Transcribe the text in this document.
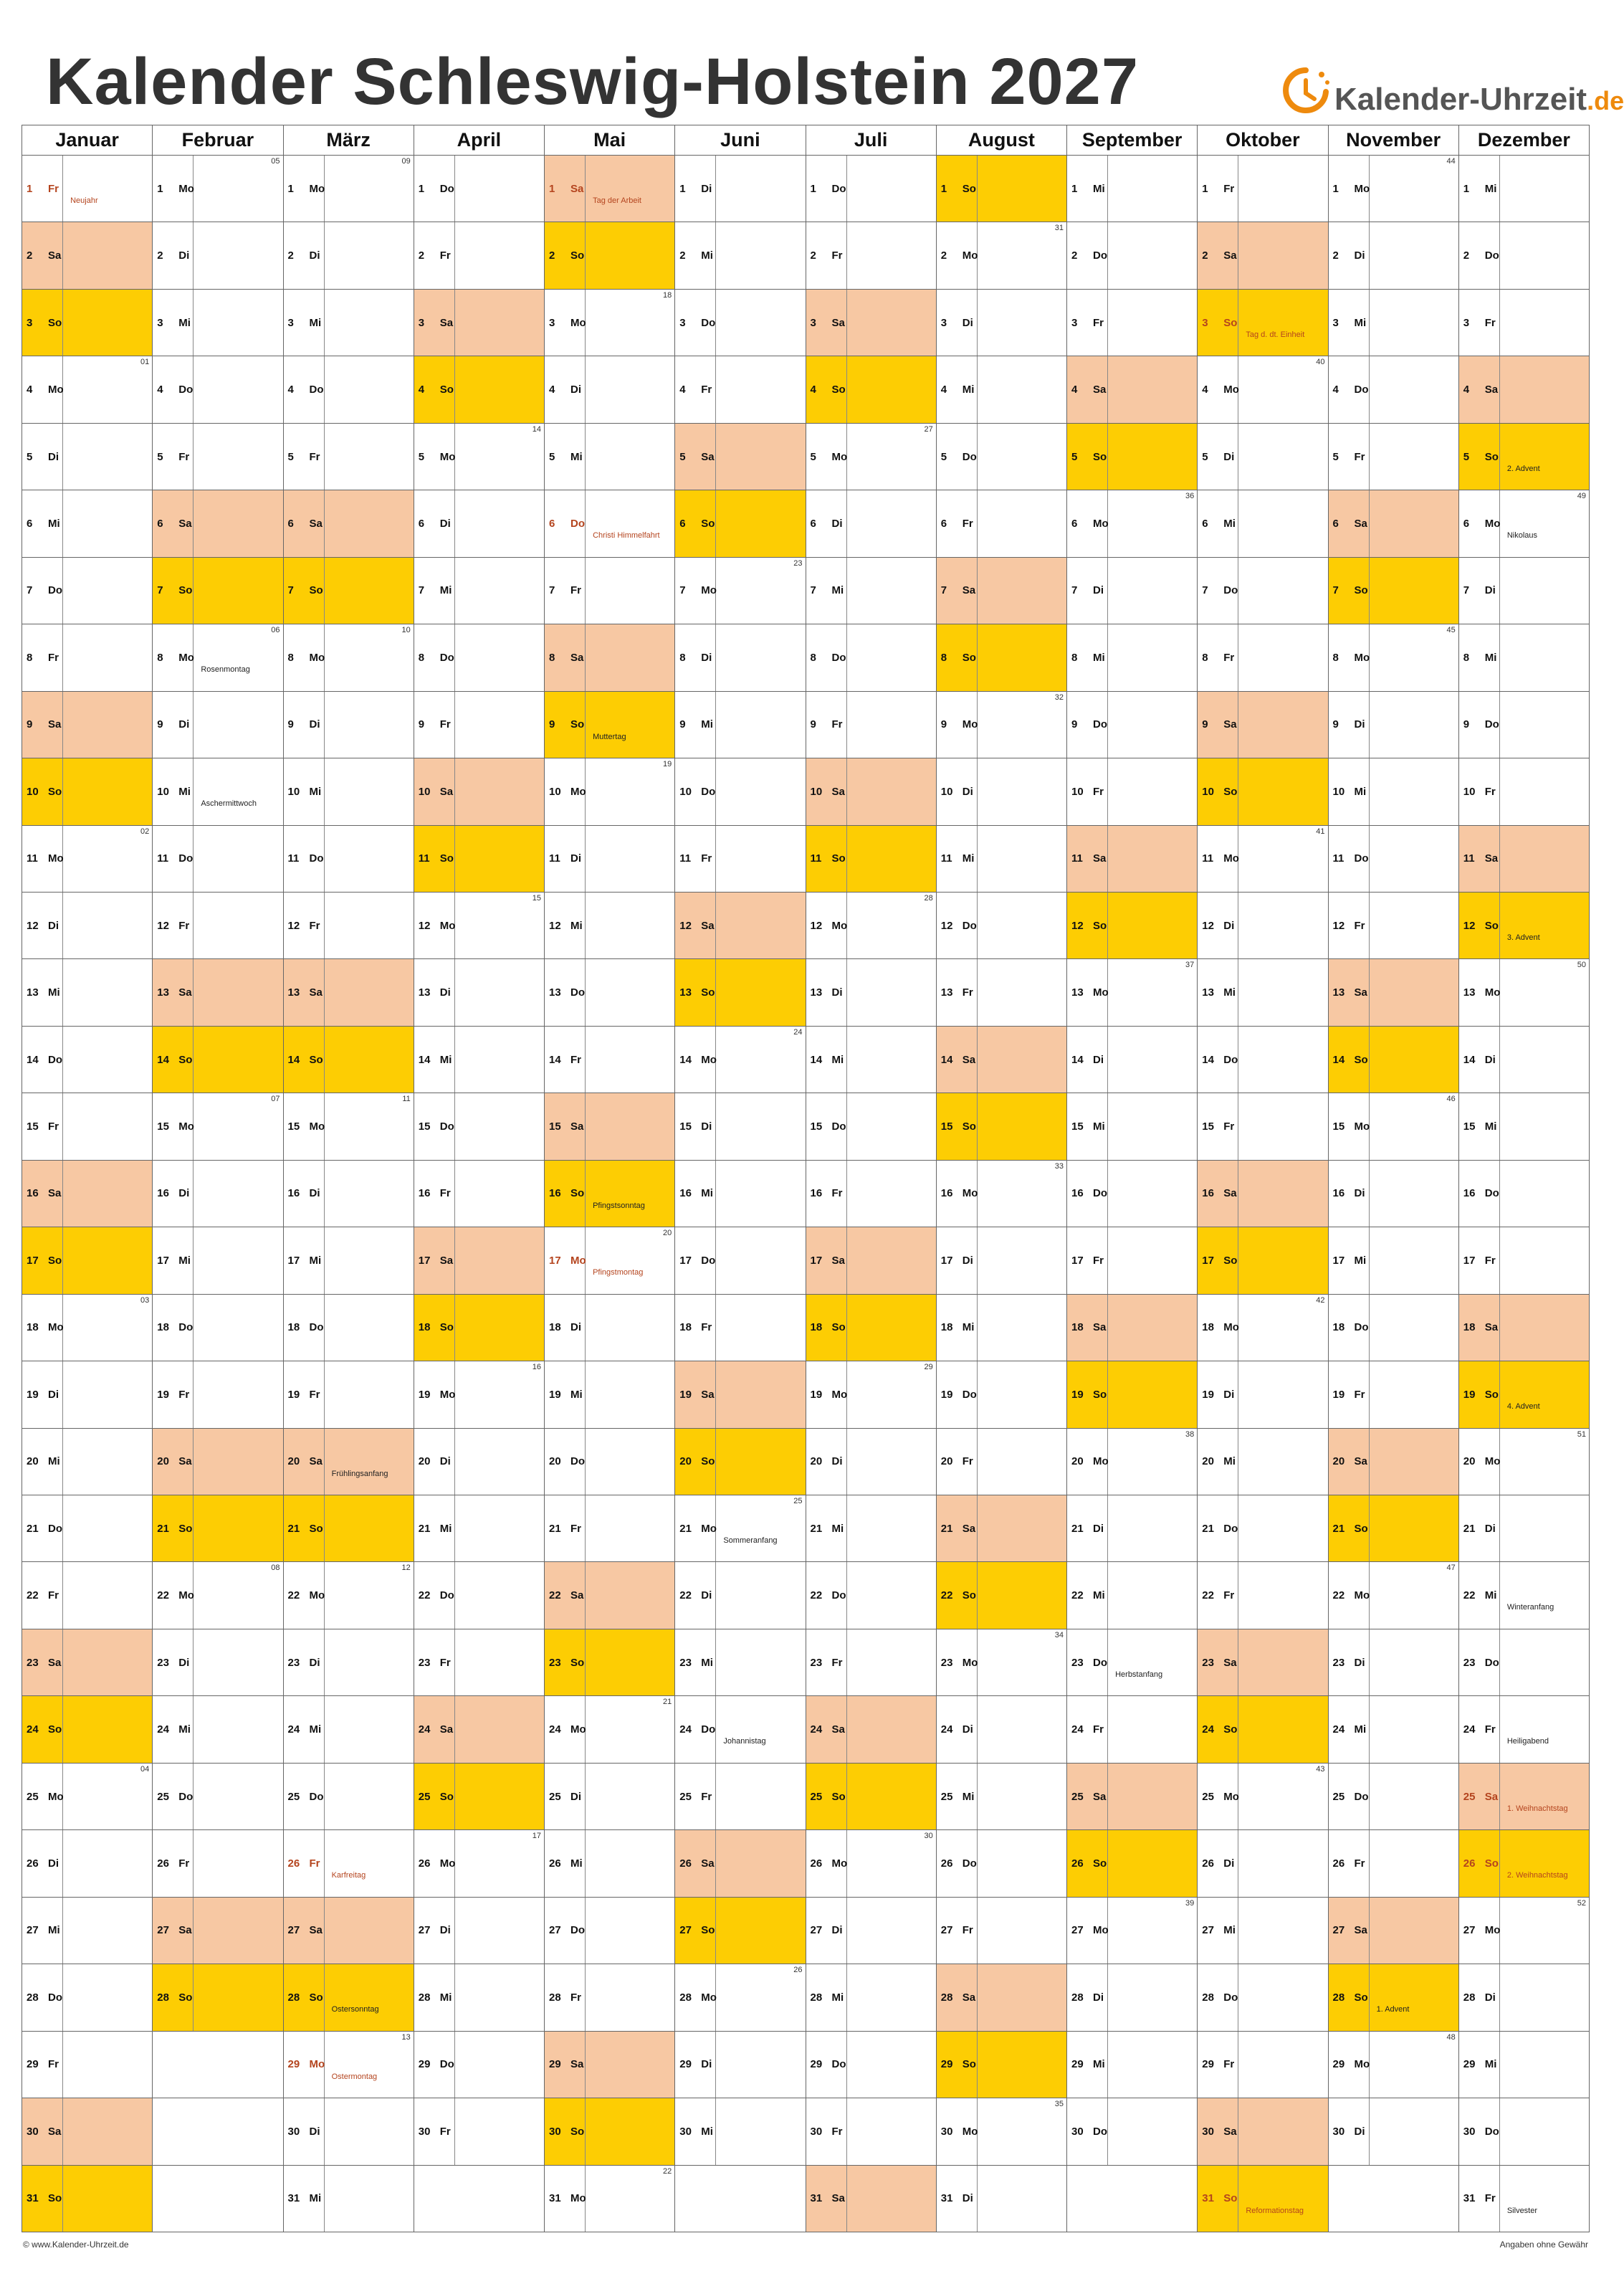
Kalender Schleswig-Holstein 2027	Kalender-Uhrzeit.de
Januar
1	Fr
Neujahr
2	Sa
3	So
4	Mo
01
5	Di
6	Mi
7	Do
8	Fr
9	Sa
10 So
11 Mo
02
12 Di
13 Mi
14 Do
15 Fr
16 Sa
17 So
18 Mo
03
19 Di
20 Mi
21 Do
22 Fr
23 Sa
24 So
25 Mo
04
26 Di
27 Mi
28 Do
29 Fr
30 Sa
31 So
Februar
1	Mo
05
2	Di
3	Mi
4	Do
5	Fr
6	Sa
7	So
8	Mo
06
Rosenmontag
9	Di
10 Mi
Aschermittwoch
11 Do
12 Fr
13 Sa
14 So
15 Mo
07
16 Di
17 Mi
18 Do
19 Fr
20 Sa
21 So
22 Mo
08
23 Di
24 Mi
25 Do
26 Fr
27 Sa
28 So
März
1	Mo
09
2	Di
3	Mi
4	Do
5	Fr
6	Sa
7	So
8	Mo
10
9	Di
10 Mi
11 Do
12 Fr
13 Sa
14 So
15 Mo
11
16 Di
17 Mi
18 Do
19 Fr
20 Sa
Frühlingsanfang
21 So
22 Mo
12
23 Di
24 Mi
25 Do
26 Fr
Karfreitag
27 Sa
28 So
Ostersonntag
29 Mo
13
Ostermontag
30 Di
31 Mi
April
1	Do
2	Fr
3	Sa
4	So
5	Mo
14
6	Di
7	Mi
8	Do
9	Fr
10 Sa
11 So
12 Mo
15
13 Di
14 Mi
15 Do
16 Fr
17 Sa
18 So
19 Mo
16
20 Di
21 Mi
22 Do
23 Fr
24 Sa
25 So
26 Mo
17
27 Di
28 Mi
29 Do
30 Fr
Mai
1	Sa
Tag der Arbeit
2	So
3	Mo
18
4	Di
5	Mi
6	Do
Christi Himmelfahrt
7	Fr
8	Sa
9	So
Muttertag
10 Mo
19
11 Di
12 Mi
13 Do
14 Fr
15 Sa
16 So
Pfingstsonntag
17 Mo
20
Pfingstmontag
18 Di
19 Mi
20 Do
21 Fr
22 Sa
23 So
24 Mo
21
25 Di
26 Mi
27 Do
28 Fr
29 Sa
30 So
31 Mo
22
Juni
1	Di
2	Mi
3	Do
4	Fr
5	Sa
6	So
7	Mo
23
8	Di
9	Mi
10 Do
11 Fr
12 Sa
13 So
14 Mo
24
15 Di
16 Mi
17 Do
18 Fr
19 Sa
20 So
21 Mo
25
Sommeranfang
22 Di
23 Mi
24 Do
Johannistag
25 Fr
26 Sa
27 So
28 Mo
26
29 Di
30 Mi
Juli
1	Do
2	Fr
3	Sa
4	So
5	Mo
27
6	Di
7	Mi
8	Do
9	Fr
10 Sa
11 So
12 Mo
28
13 Di
14 Mi
15 Do
16 Fr
17 Sa
18 So
19 Mo
29
20 Di
21 Mi
22 Do
23 Fr
24 Sa
25 So
26 Mo
30
27 Di
28 Mi
29 Do
30 Fr
31 Sa
August
1	So
2	Mo
31
3	Di
4	Mi
5	Do
6	Fr
7	Sa
8	So
9	Mo
32
10 Di
11 Mi
12 Do
13 Fr
14 Sa
15 So
16 Mo
33
17 Di
18 Mi
19 Do
20 Fr
21 Sa
22 So
23 Mo
34
24 Di
25 Mi
26 Do
27 Fr
28 Sa
29 So
30 Mo
35
31 Di
September
1	Mi
2	Do
3	Fr
4	Sa
5	So
6	Mo
36
7	Di
8	Mi
9	Do
10 Fr
11 Sa
12 So
13 Mo
37
14 Di
15 Mi
16 Do
17 Fr
18 Sa
19 So
20 Mo
38
21 Di
22 Mi
23 Do
Herbstanfang
24 Fr
25 Sa
26 So
27 Mo
39
28 Di
29 Mi
30 Do
Oktober
1	Fr
2	Sa
3	So
Tag d. dt. Einheit
4	Mo
40
5	Di
6	Mi
7	Do
8	Fr
9	Sa
10 So
11 Mo
41
12 Di
13 Mi
14 Do
15 Fr
16 Sa
17 So
18 Mo
42
19 Di
20 Mi
21 Do
22 Fr
23 Sa
24 So
25 Mo
43
26 Di
27 Mi
28 Do
29 Fr
30 Sa
31 So
Reformationstag
November
1	Mo
44
2	Di
3	Mi
4	Do
5	Fr
6	Sa
7	So
8	Mo
45
9	Di
10 Mi
11 Do
12 Fr
13 Sa
14 So
15 Mo
46
16 Di
17 Mi
18 Do
19 Fr
20 Sa
21 So
22 Mo
47
23 Di
24 Mi
25 Do
26 Fr
27 Sa
28 So
1. Advent
29 Mo
48
30 Di
Dezember
1	Mi
2	Do
3	Fr
4	Sa
5	So
2. Advent
6	Mo
49
Nikolaus
7	Di
8	Mi
9	Do
10 Fr
11 Sa
12 So
3. Advent
13 Mo
50
14 Di
15 Mi
16 Do
17 Fr
18 Sa
19 So
4. Advent
20 Mo
51
21 Di
22 Mi
Winteranfang
23 Do
24 Fr
Heiligabend
25 Sa
1. Weihnachtstag
26 So
2. Weihnachtstag
27 Mo
52
28 Di
29 Mi
30 Do
31 Fr
Silvester
© www.Kalender-Uhrzeit.de	Angaben ohne Gewähr
